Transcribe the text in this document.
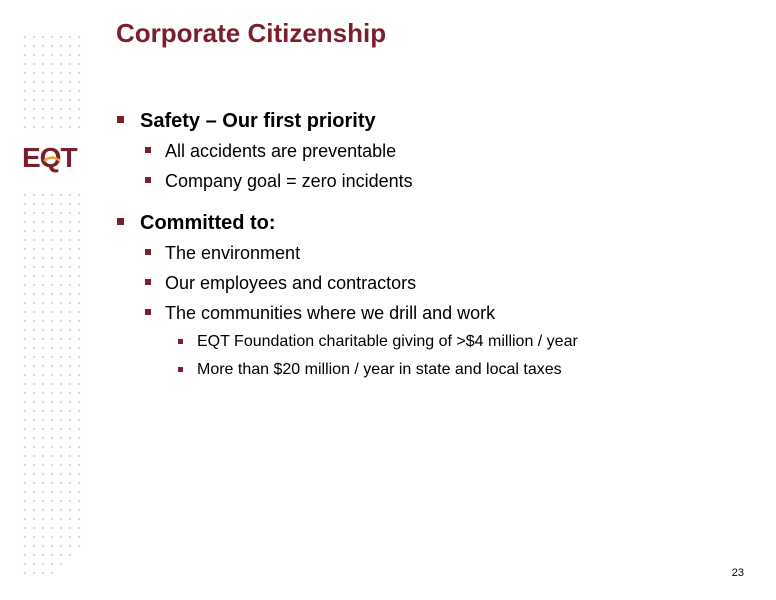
EQT
Corporate Citizenship
Safety – Our first priority
All accidents are preventable
Company goal = zero incidents
Committed to:
The environment
Our employees and contractors
The communities where we drill and work
EQT Foundation charitable giving of >$4 million / year
More than $20 million / year in state and local taxes
23
